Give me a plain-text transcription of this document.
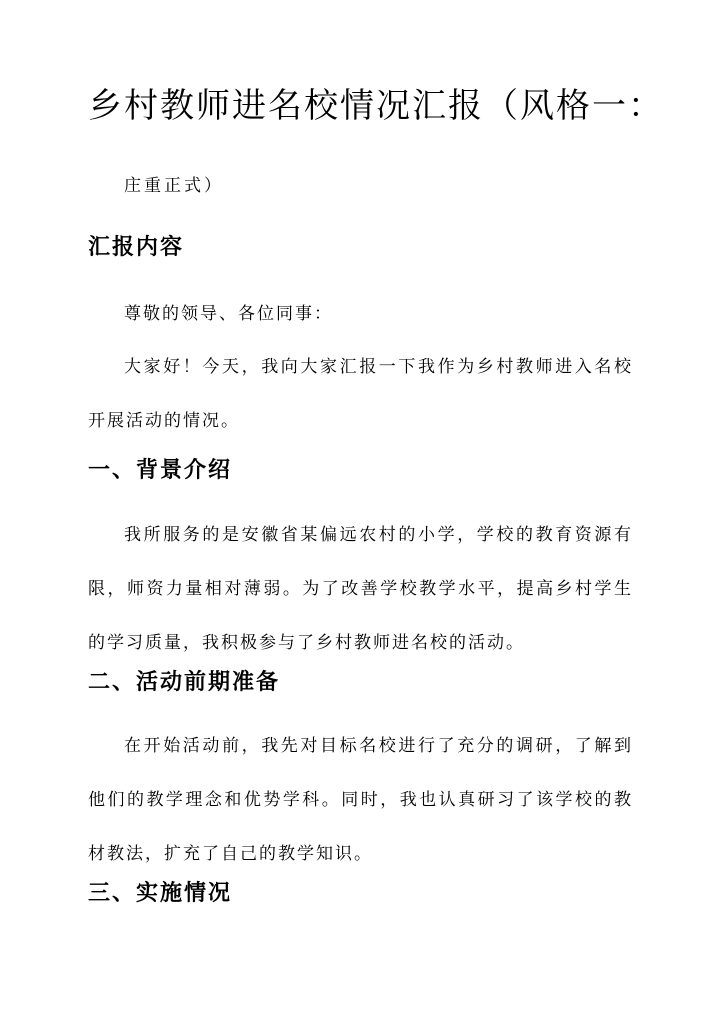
乡村教师进名校情况汇报（风格一：
庄重正式）
汇报内容
尊敬的领导、各位同事：
大家好！今天，我向大家汇报一下我作为乡村教师进入名校开展活动的情况。
一、背景介绍
我所服务的是安徽省某偏远农村的小学，学校的教育资源有限，师资力量相对薄弱。为了改善学校教学水平，提高乡村学生的学习质量，我积极参与了乡村教师进名校的活动。
二、活动前期准备
在开始活动前，我先对目标名校进行了充分的调研，了解到他们的教学理念和优势学科。同时，我也认真研习了该学校的教材教法，扩充了自己的教学知识。
三、实施情况
